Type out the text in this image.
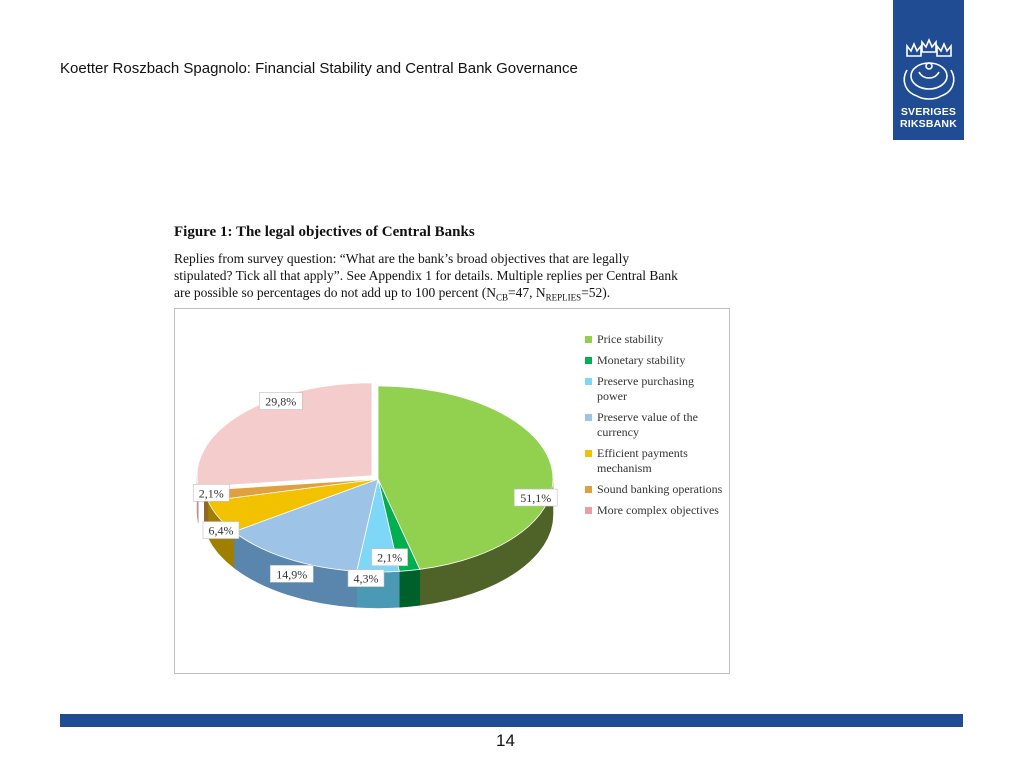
Koetter Roszbach Spagnolo: Financial Stability and Central Bank Governance
SVERIGES
RIKSBANK
Figure 1: The legal objectives of Central Banks
Replies from survey question: “What are the bank’s broad objectives that are legally
stipulated? Tick all that apply”. See Appendix 1 for details. Multiple replies per Central Bank
are possible so percentages do not add up to 100 percent ($N_{CB}=47$, $N_{REPLIES}=52$).
51,1%
2,1%
4,3%
14,9%
6,4%
2,1%
29,8%
Price stability
Monetary stability
Preserve purchasing power
Preserve value of the currency
Efficient payments mechanism
Sound banking operations
More complex objectives
14
